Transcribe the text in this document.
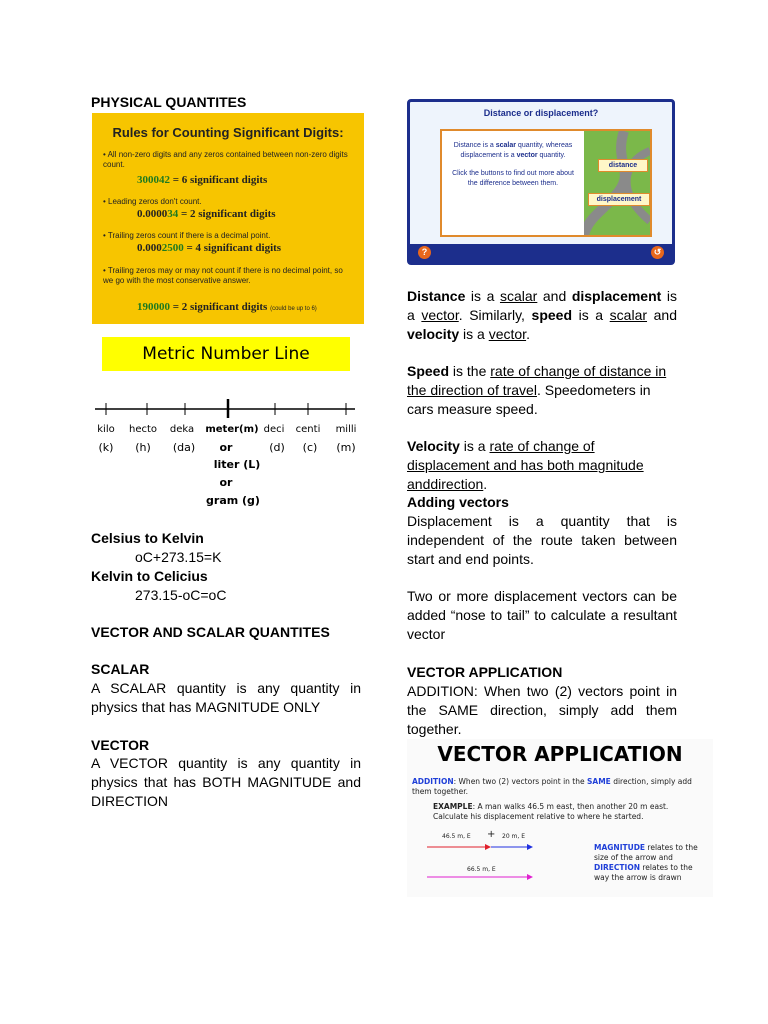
PHYSICAL QUANTITES
Rules for Counting Significant Digits:
• All non-zero digits and any zeros contained between non-zero digits count.
300042 = 6 significant digits
• Leading zeros don't count.
0.000034 = 2 significant digits
• Trailing zeros count if there is a decimal point.
0.0002500 = 4 significant digits
• Trailing zeros may or may not count if there is no decimal point, so we go with the most conservative answer.
190000 = 2 significant digits (could be up to 6)
Metric Number Line
kilo	hecto	deka	meter(m) deci	centi	milli
(k)	(h)	(da)	or	(d)	(c)	(m)
liter (L)
or
gram (g)
Celsius to Kelvin
oC+273.15=K
Kelvin to Celicius
273.15-oC=oC
VECTOR AND SCALAR QUANTITES
SCALAR
A SCALAR quantity is any quantity in physics that has MAGNITUDE ONLY
VECTOR
A VECTOR quantity is any quantity in physics that has BOTH MAGNITUDE and DIRECTION
Distance or displacement?
Distance is a scalar quantity, whereas displacement is a vector quantity.
Click the buttons to find out more about the difference between them.
distance
displacement
?	↺
Distance is a scalar and displacement is a vector. Similarly, speed is a scalar and velocity is a vector.
Speed is the rate of change of distance in the direction of travel. Speedometers in cars measure speed.
Velocity is a rate of change of displacement and has both magnitude anddirection.
Adding vectors
Displacement is a quantity that is independent of the route taken between start and end points.
Two or more displacement vectors can be added “nose to tail” to calculate a resultant vector
VECTOR APPLICATION
ADDITION: When two (2) vectors point in the SAME direction, simply add them together.
VECTOR APPLICATION
ADDITION: When two (2) vectors point in the SAME direction, simply add them together.
EXAMPLE: A man walks 46.5 m east, then another 20 m east. Calculate his displacement relative to where he started.
46.5 m, E + 20 m, E
66.5 m, E
MAGNITUDE relates to the size of the arrow and DIRECTION relates to the way the arrow is drawn
